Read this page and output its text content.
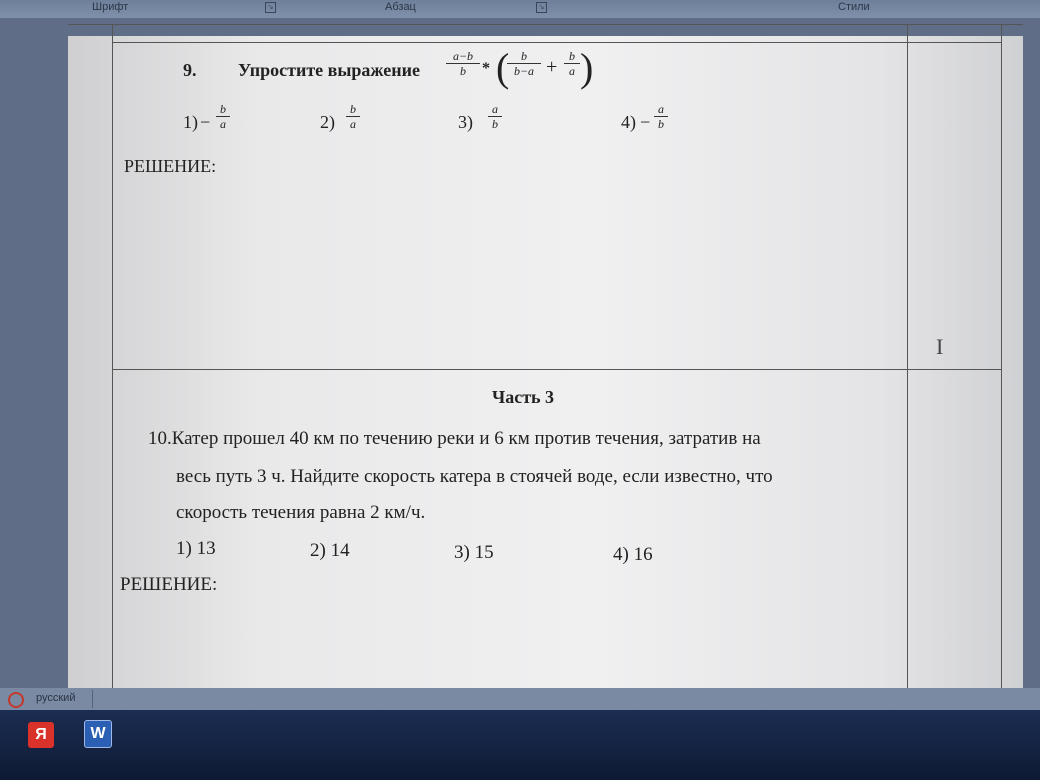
Шрифт	↘	Абзац	↘	Стили
9. Упростите выражение $\frac{a-b}{b}$ * (
$\frac{b}{b-a} + \frac{b}{a}$ )
$1) - \frac{b}{a}$	$2) \frac{b}{a}$	$3) \frac{a}{b}$	$4) - \frac{a}{b}$
РЕШЕНИЕ:
Часть 3
10.Катер прошел 40 км по течению реки и 6 км против течения, затратив на
весь путь 3 ч. Найдите скорость катера в стоячей воде, если известно, что
скорость течения равна 2 км/ч.
1) 13	2) 14	3) 15	4) 16
РЕШЕНИЕ:
I
русский
Я	W
